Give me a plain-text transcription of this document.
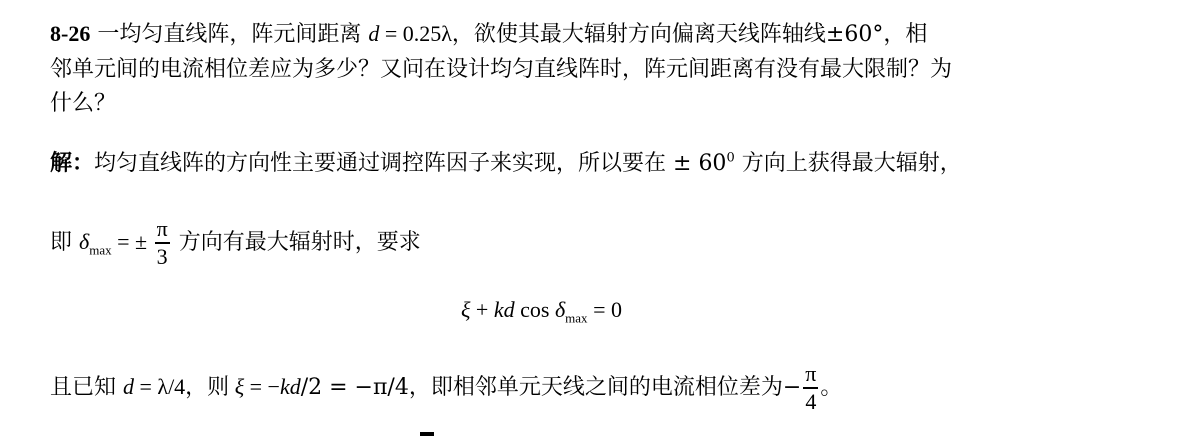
8-26 一均匀直线阵，阵元间距离 d = 0.25λ，欲使其最大辐射方向偏离天线阵轴线±60°，相
邻单元间的电流相位差应为多少？又问在设计均匀直线阵时，阵元间距离有没有最大限制？为
什么？
解：均匀直线阵的方向性主要通过调控阵因子来实现，所以要在 ± $60^0$ 方向上获得最大辐射，
即 $\delta_{max}$ = ± $\frac{\pi}{3}$ 方向有最大辐射时，要求
ξ + kd $\cos \delta_{max} = 0$
且已知 d = λ/4，则 ξ = −kd/2 = −π/4，即相邻单元天线之间的电流相位差为− $\frac{\pi}{4}$ 。
